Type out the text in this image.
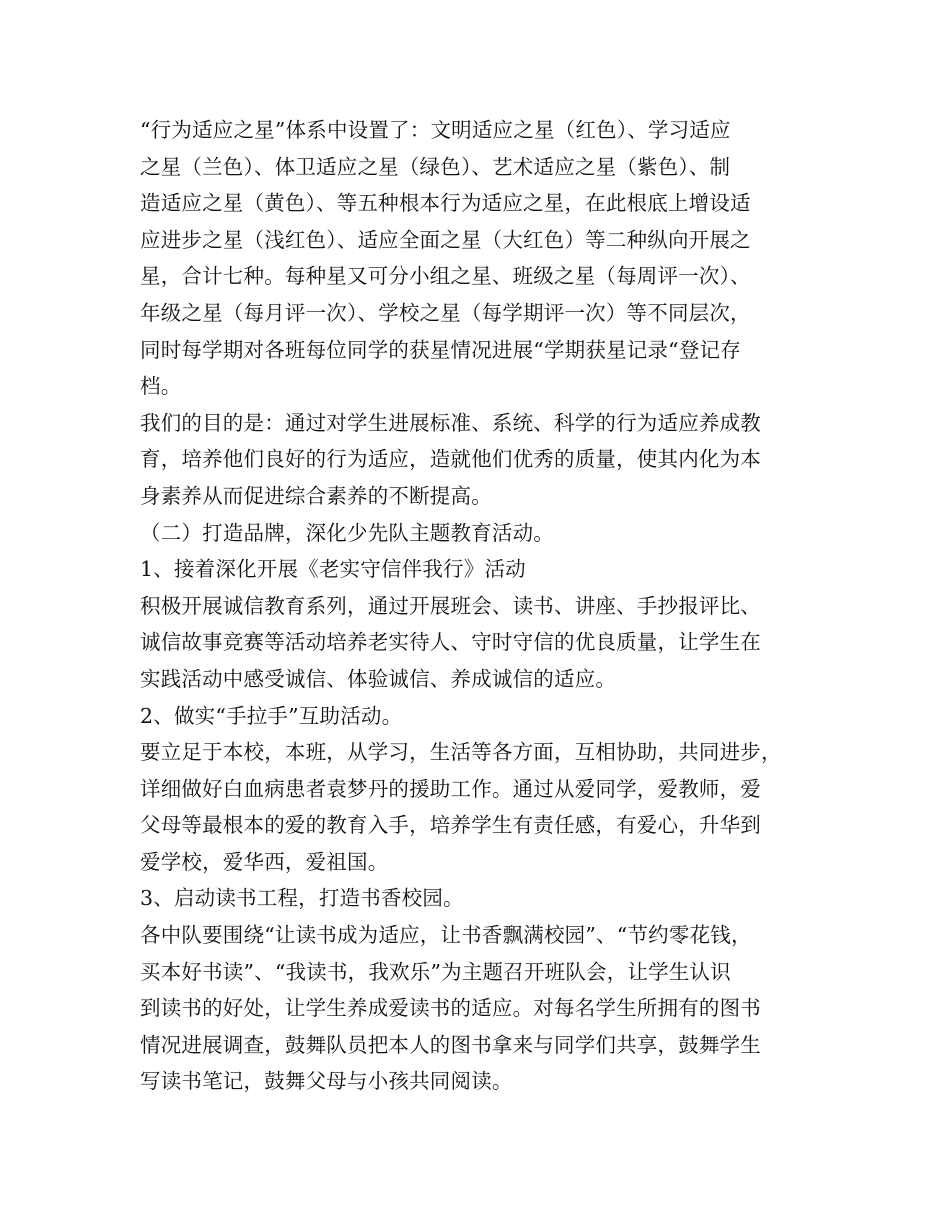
“行为适应之星”体系中设置了：文明适应之星（红色）、学习适应
之星（兰色）、体卫适应之星（绿色）、艺术适应之星（紫色）、制
造适应之星（黄色）、等五种根本行为适应之星，在此根底上增设适
应进步之星（浅红色）、适应全面之星（大红色）等二种纵向开展之
星，合计七种。每种星又可分小组之星、班级之星（每周评一次）、
年级之星（每月评一次）、学校之星（每学期评一次）等不同层次，
同时每学期对各班每位同学的获星情况进展“学期获星记录“登记存
档。
我们的目的是：通过对学生进展标准、系统、科学的行为适应养成教
育，培养他们良好的行为适应，造就他们优秀的质量，使其内化为本
身素养从而促进综合素养的不断提高。
（二）打造品牌，深化少先队主题教育活动。
1、接着深化开展《老实守信伴我行》活动
积极开展诚信教育系列，通过开展班会、读书、讲座、手抄报评比、
诚信故事竞赛等活动培养老实待人、守时守信的优良质量，让学生在
实践活动中感受诚信、体验诚信、养成诚信的适应。
2、做实“手拉手”互助活动。
要立足于本校，本班，从学习，生活等各方面，互相协助，共同进步，
详细做好白血病患者袁梦丹的援助工作。通过从爱同学，爱教师，爱
父母等最根本的爱的教育入手，培养学生有责任感，有爱心，升华到
爱学校，爱华西，爱祖国。
3、启动读书工程，打造书香校园。
各中队要围绕“让读书成为适应，让书香飘满校园”、“节约零花钱，
买本好书读”、“我读书，我欢乐”为主题召开班队会，让学生认识
到读书的好处，让学生养成爱读书的适应。对每名学生所拥有的图书
情况进展调查，鼓舞队员把本人的图书拿来与同学们共享，鼓舞学生
写读书笔记，鼓舞父母与小孩共同阅读。
